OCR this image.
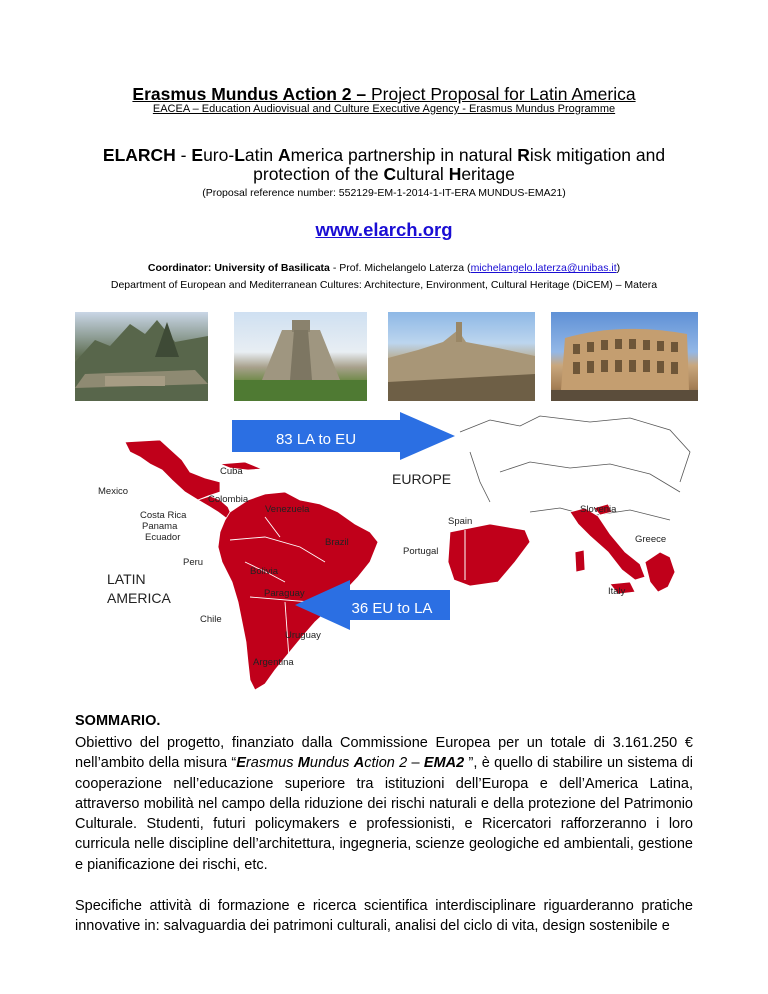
Erasmus Mundus Action 2 – Project Proposal for Latin America
EACEA – Education Audiovisual and Culture Executive Agency - Erasmus Mundus Programme
ELARCH - Euro-Latin America partnership in natural Risk mitigation and
protection of the Cultural Heritage
(Proposal reference number: 552129-EM-1-2014-1-IT-ERA MUNDUS-EMA21)
www.elarch.org
Coordinator: University of Basilicata - Prof. Michelangelo Laterza (michelangelo.laterza@unibas.it)
Department of European and Mediterranean Cultures: Architecture, Environment, Cultural Heritage (DiCEM) – Matera
83 LA to EU
36 EU to LA
Mexico
Cuba
Colombia
Venezuela
Costa Rica
Panama
Ecuador	Brazil
Peru
Bolivia
Paraguay
Chile
Uruguay
Argentina
Spain
Portugal
Slovenia
Greece
Italy
LATIN
AMERICA
EUROPE
SOMMARIO.
Obiettivo del progetto, finanziato dalla Commissione Europea per un totale di 3.161.250 € nell’ambito della misura “Erasmus Mundus Action 2 – EMA2 ”, è quello di stabilire un sistema di cooperazione nell’educazione superiore tra istituzioni dell’Europa e dell’America Latina, attraverso mobilità nel campo della riduzione dei rischi naturali e della protezione del Patrimonio Culturale. Studenti, futuri policymakers e professionisti, e Ricercatori rafforzeranno i loro curricula nelle discipline dell’architettura, ingegneria, scienze geologiche ed ambientali, gestione e pianificazione dei rischi, etc.
Specifiche attività di formazione e ricerca scientifica interdisciplinare riguarderanno pratiche innovative in: salvaguardia dei patrimoni culturali, analisi del ciclo di vita, design sostenibile e
